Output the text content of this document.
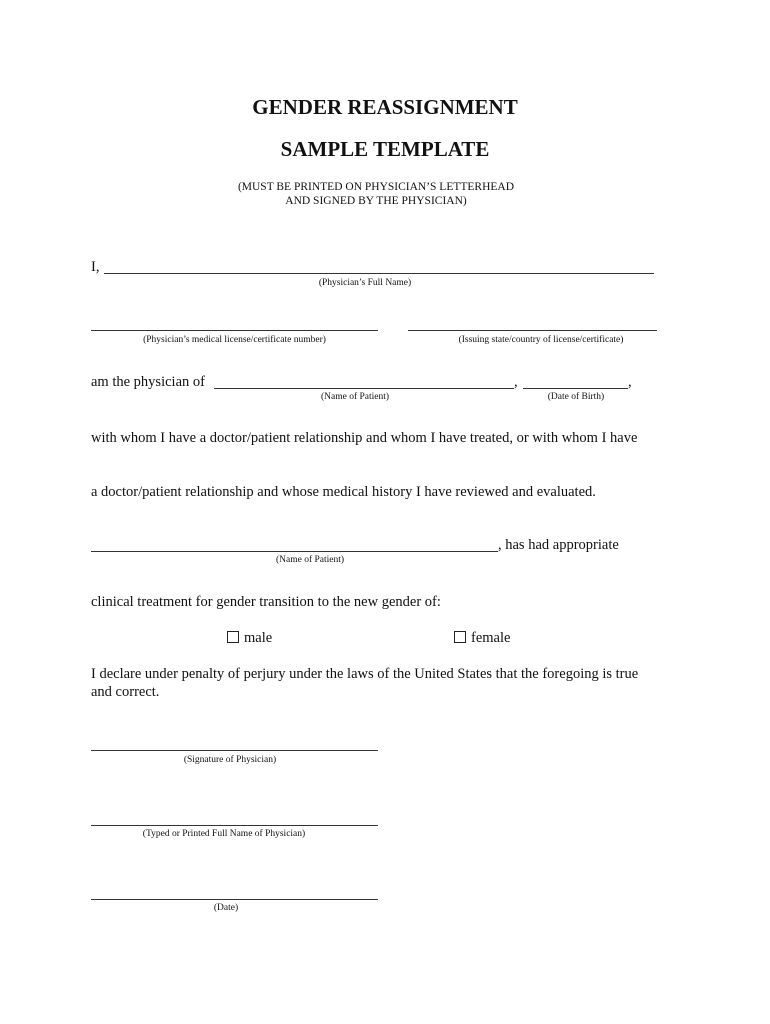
GENDER REASSIGNMENT
SAMPLE TEMPLATE
(MUST BE PRINTED ON PHYSICIAN’S LETTERHEAD
AND SIGNED BY THE PHYSICIAN)
I,
(Physician’s Full Name)
(Physician’s medical license/certificate number)	(Issuing state/country of license/certificate)
am the physician of	,	,
(Name of Patient)	(Date of Birth)
with whom I have a doctor/patient relationship and whom I have treated, or with whom I have
a doctor/patient relationship and whose medical history I have reviewed and evaluated.
, has had appropriate
(Name of Patient)
clinical treatment for gender transition to the new gender of:
male	female
I declare under penalty of perjury under the laws of the United States that the foregoing is true
and correct.
(Signature of Physician)
(Typed or Printed Full Name of Physician)
(Date)
